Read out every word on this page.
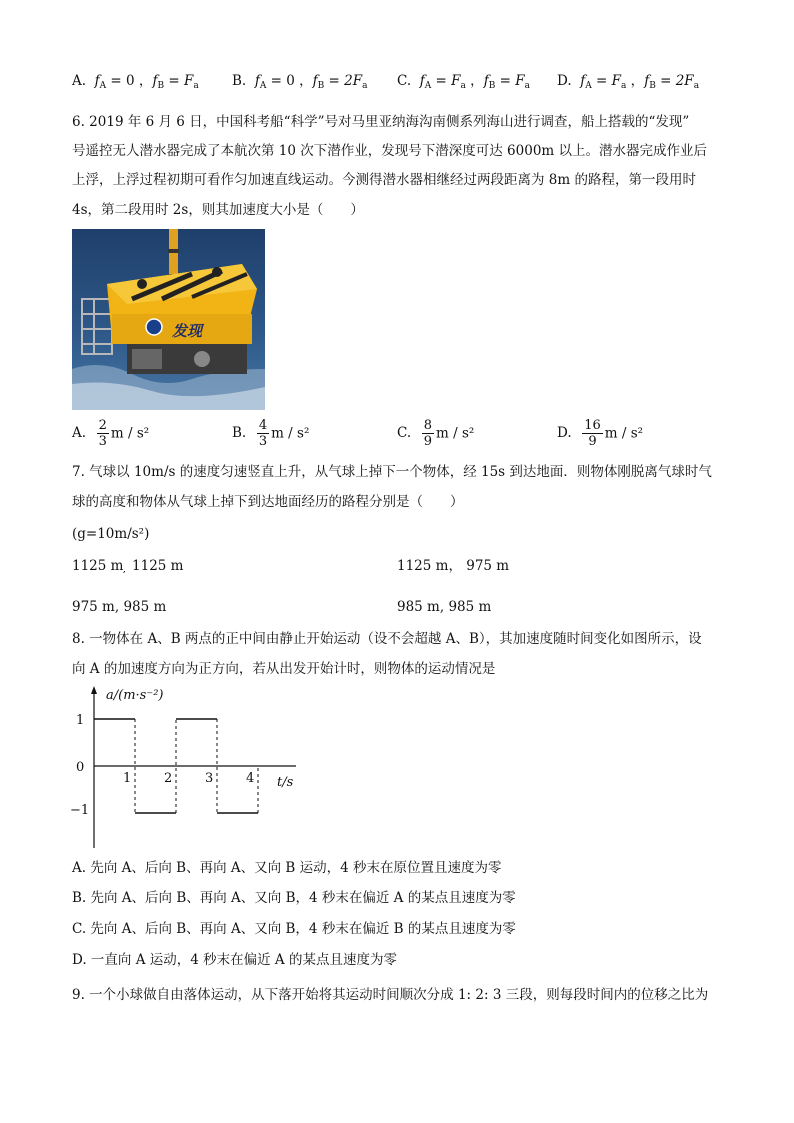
A. $f_A = 0$ ，$f_B = F_a$ B. $f_A = 0$ ，$f_B = 2F_a$ C. $f_A = F_a$ ，$f_B = F_a$ D. $f_A = F_a$ ，$f_B = 2F_a$
6. 2019 年 6 月 6 日，中国科考船“科学”号对马里亚纳海沟南侧系列海山进行调查，船上搭载的“发现”
号遥控无人潜水器完成了本航次第 10 次下潜作业，发现号下潜深度可达 6000m 以上。潜水器完成作业后
上浮，上浮过程初期可看作匀加速直线运动。今测得潜水器相继经过两段距离为 8m 的路程，第一段用时
4s，第二段用时 2s，则其加速度大小是（　　）
发现
A. $\frac{2}{3}$ m / s²	B. $\frac{4}{3}$ m / s²	C. $\frac{8}{9}$ m / s²	D. $\frac{16}{9}$ m / s²
7. 气球以 10m/s 的速度匀速竖直上升，从气球上掉下一个物体，经 15s 到达地面．则物体刚脱离气球时气
球的高度和物体从气球上掉下到达地面经历的路程分别是（　　）
(g=10m/s²)
1125 m ̦ 1125 m	1125 m， 975 m
975 m, 985 m	985 m, 985 m
8. 一物体在 A、B 两点的正中间由静止开始运动（设不会超越 A、B），其加速度随时间变化如图所示，设
向 A 的加速度方向为正方向，若从出发开始计时，则物体的运动情况是
a/(m·s⁻²)
t/s
1
0
−1
1	2	3	4
A. 先向 A、后向 B、再向 A、又向 B 运动，4 秒末在原位置且速度为零
B. 先向 A、后向 B、再向 A、又向 B，4 秒末在偏近 A 的某点且速度为零
C. 先向 A、后向 B、再向 A、又向 B，4 秒末在偏近 B 的某点且速度为零
D. 一直向 A 运动，4 秒末在偏近 A 的某点且速度为零
9. 一个小球做自由落体运动，从下落开始将其运动时间顺次分成 1: 2: 3 三段，则每段时间内的位移之比为
